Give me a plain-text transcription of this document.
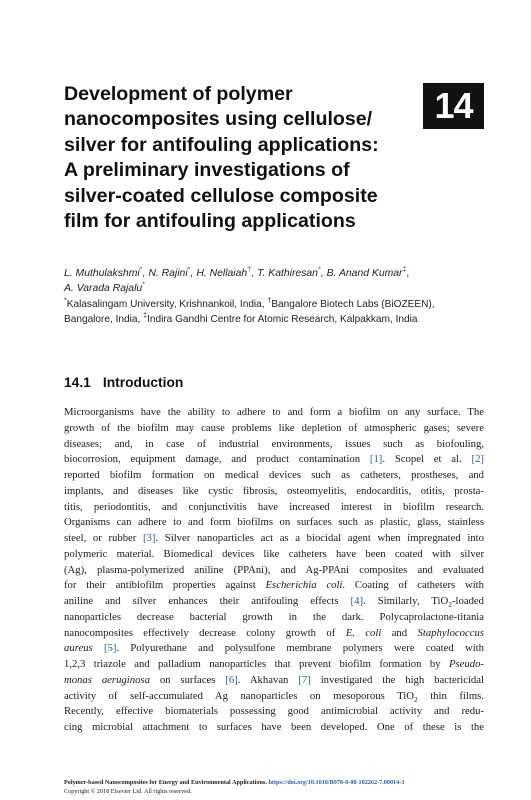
Development of polymer
nanocomposites using cellulose/
silver for antifouling applications:
A preliminary investigations of
silver-coated cellulose composite
film for antifouling applications
14
L. Muthulakshmi*, N. Rajini*, H. Nellaiah†, T. Kathiresan*, B. Anand Kumar‡,
A. Varada Rajalu*
*Kalasalingam University, Krishnankoil, India, †Bangalore Biotech Labs (BiOZEEN),
Bangalore, India, ‡Indira Gandhi Centre for Atomic Research, Kalpakkam, India
14.1 Introduction
Microorganisms have the ability to adhere to and form a biofilm on any surface. The
growth of the biofilm may cause problems like depletion of atmospheric gases; severe
diseases; and, in case of industrial environments, issues such as biofouling,
biocorrosion, equipment damage, and product contamination [1]. Scopel et al. [2]
reported biofilm formation on medical devices such as catheters, prostheses, and
implants, and diseases like cystic fibrosis, osteomyelitis, endocarditis, otitis, prosta-
titis, periodontitis, and conjunctivitis have increased interest in biofilm research.
Organisms can adhere to and form biofilms on surfaces such as plastic, glass, stainless
steel, or rubber [3]. Silver nanoparticles act as a biocidal agent when impregnated into
polymeric material. Biomedical devices like catheters have been coated with silver
(Ag), plasma-polymerized aniline (PPAni), and Ag-PPAni composites and evaluated
for their antibiofilm properties against Escherichia coli. Coating of catheters with
aniline and silver enhances their antifouling effects [4]. Similarly, TiO$_2$-loaded
nanoparticles decrease bacterial growth in the dark. Polycaprolactone-titania
nanocomposites effectively decrease colony growth of E. coli and Staphylococcus
aureus [5]. Polyurethane and polysulfone membrane polymers were coated with
1,2,3 triazole and palladium nanoparticles that prevent biofilm formation by Pseudo-
monas aeruginosa on surfaces [6]. Akhavan [7] investigated the high bactericidal
activity of self-accumulated Ag nanoparticles on mesoporous TiO$_2$ thin films.
Recently, effective biomaterials possessing good antimicrobial activity and redu-
cing microbial attachment to surfaces have been developed. One of these is the
Polymer-based Nanocomposites for Energy and Environmental Applications. https://doi.org/10.1016/B978-0-08-102262-7.00014-3
Copyright © 2018 Elsevier Ltd. All rights reserved.
